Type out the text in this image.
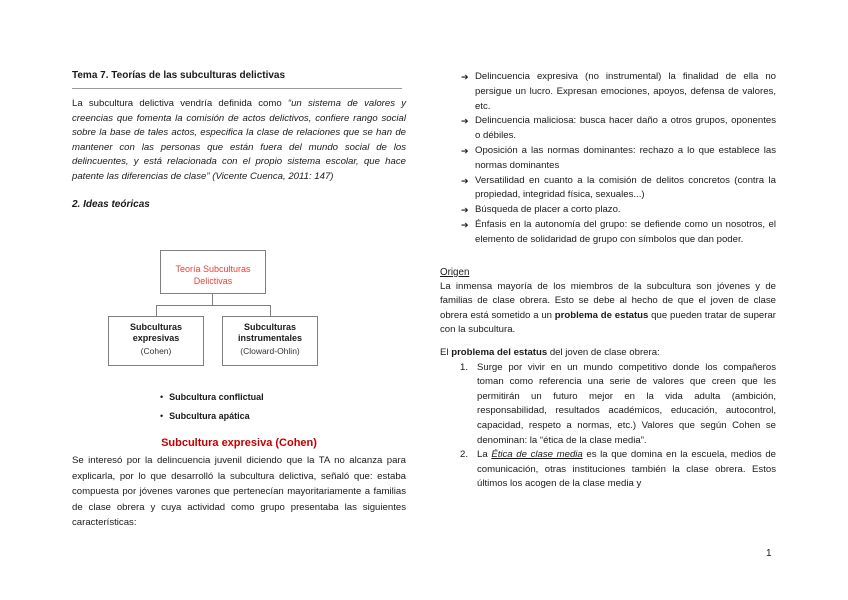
Tema 7. Teorías de las subculturas delictivas

La subcultura delictiva vendría definida como “un sistema de valores y creencias que fomenta la comisión de actos delictivos, confiere rango social sobre la base de tales actos, especifica la clase de relaciones que se han de mantener con las personas que están fuera del mundo social de los delincuentes, y está relacionada con el propio sistema escolar, que hace patente las diferencias de clase” (Vicente Cuenca, 2011: 147)

2. Ideas teóricas

Teoría Subculturas
Delictivas
Subculturas
expresivas
(Cohen)
Subculturas
instrumentales
(Cloward-Ohlin)
• Subcultura conflictual
• Subcultura apática

Subcultura expresiva (Cohen)

Se interesó por la delincuencia juvenil diciendo que la TA no alcanza para explicarla, por lo que desarrolló la subcultura delictiva, señaló que: estaba compuesta por jóvenes varones que pertenecían mayoritariamente a familias de clase obrera y cuya actividad como grupo presentaba las siguientes características:

➔ Delincuencia expresiva (no instrumental) la finalidad de ella no persigue un lucro. Expresan emociones, apoyos, defensa de valores, etc.
➔ Delincuencia maliciosa: busca hacer daño a otros grupos, oponentes o débiles.
➔ Oposición a las normas dominantes: rechazo a lo que establece las normas dominantes
➔ Versatilidad en cuanto a la comisión de delitos concretos (contra la propiedad, integridad física, sexuales...)
➔ Búsqueda de placer a corto plazo.
➔ Énfasis en la autonomía del grupo: se defiende como un nosotros, el elemento de solidaridad de grupo con símbolos que dan poder.

Origen

La inmensa mayoría de los miembros de la subcultura son jóvenes y de familias de clase obrera. Esto se debe al hecho de que el joven de clase obrera está sometido a un problema de estatus que pueden tratar de superar con la subcultura.

El problema del estatus del joven de clase obrera:

1. Surge por vivir en un mundo competitivo donde los compañeros toman como referencia una serie de valores que creen que les permitirán un futuro mejor en la vida adulta (ambición, responsabilidad, resultados académicos, educación, autocontrol, capacidad, respeto a normas, etc.) Valores que según Cohen se denominan: la “ética de la clase media”.
2. La Ética de clase media es la que domina en la escuela, medios de comunicación, otras instituciones también la clase obrera. Estos últimos los acogen de la clase media y
1
